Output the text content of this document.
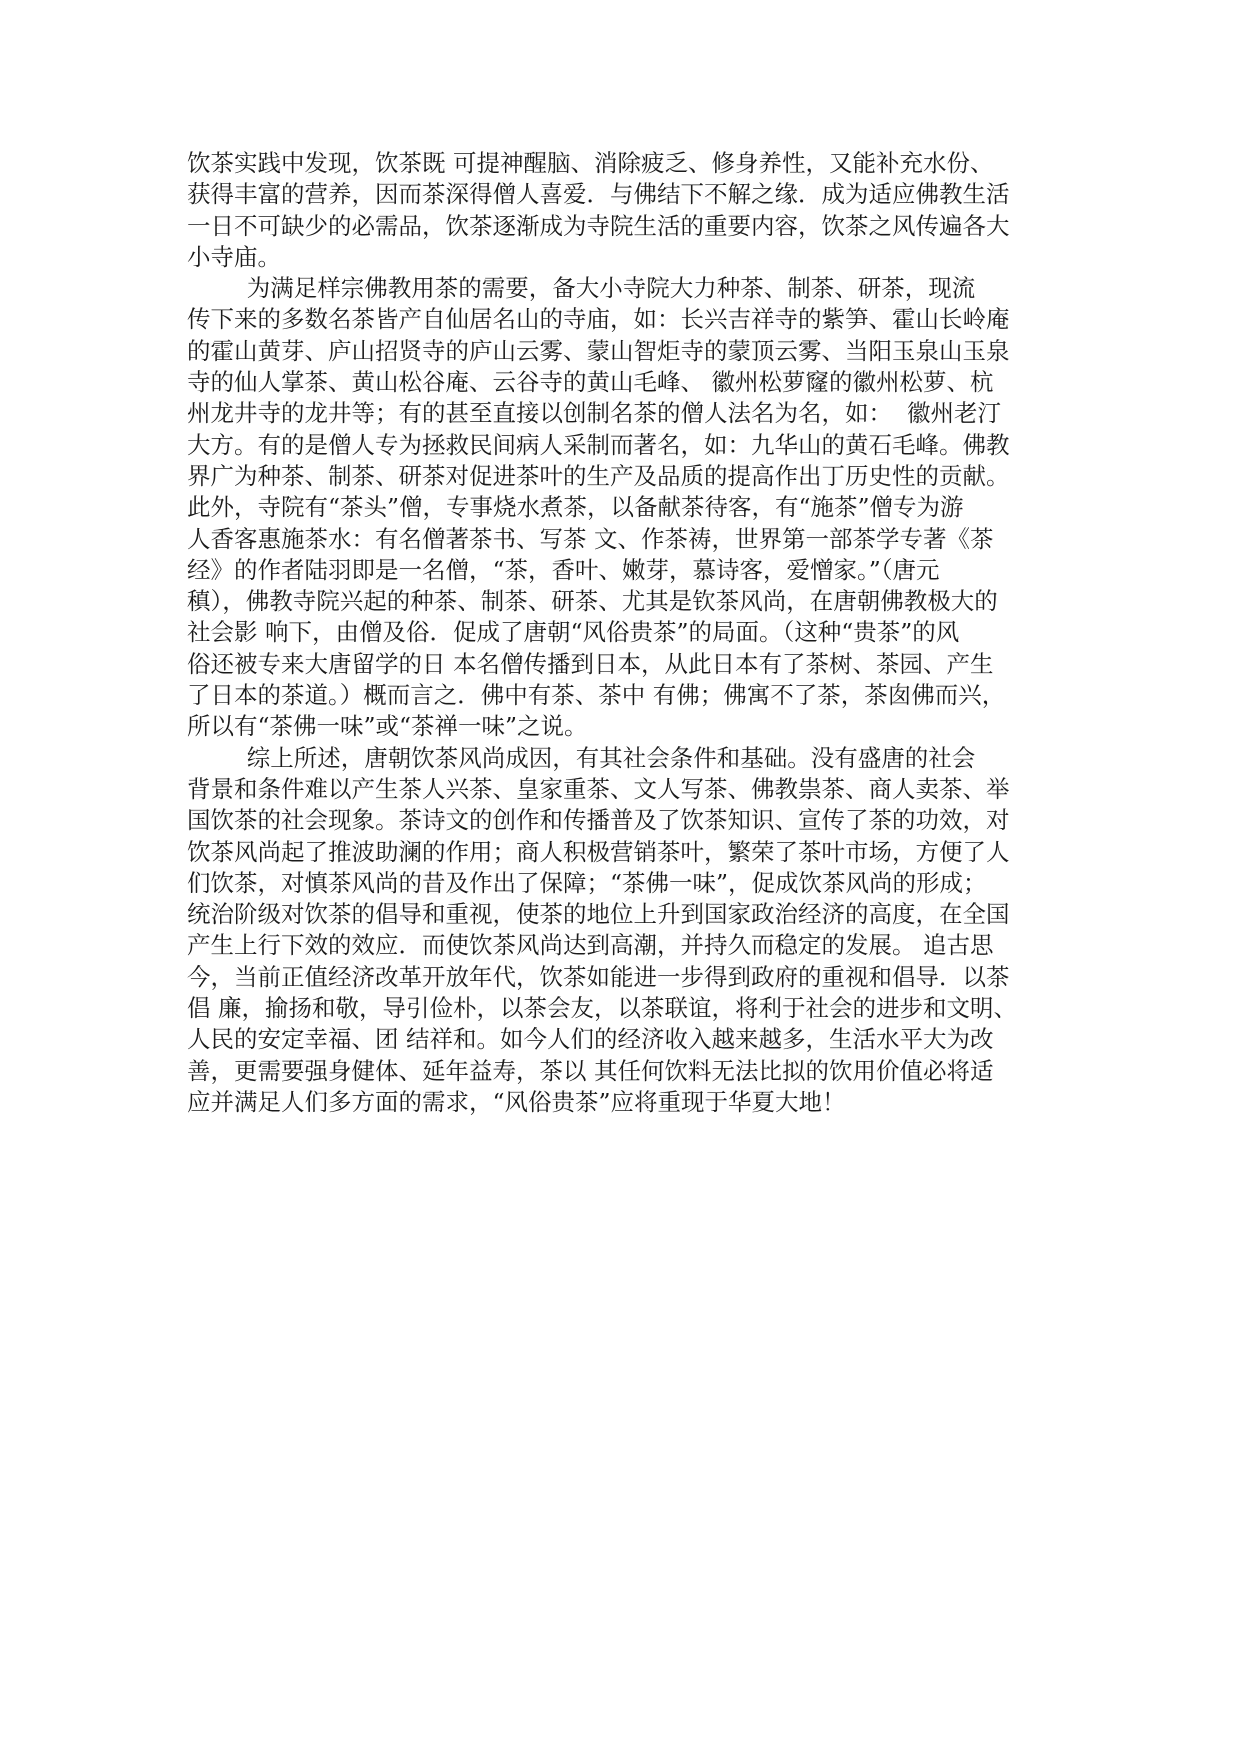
饮茶实践中发现，饮茶既 可提神醒脑、消除疲乏、修身养性，又能补充水份、
获得丰富的营养，因而茶深得僧人喜爱．与佛结下不解之缘．成为适应佛教生活
一日不可缺少的必需品，饮茶逐渐成为寺院生活的重要内容，饮茶之风传遍各大
小寺庙。
为满足样宗佛教用茶的需要，备大小寺院大力种茶、制茶、研茶，现流
传下来的多数名茶皆产自仙居名山的寺庙，如：长兴吉祥寺的紫笋、霍山长岭庵
的霍山黄芽、庐山招贤寺的庐山云雾、蒙山智炬寺的蒙顶云雾、当阳玉泉山玉泉
寺的仙人掌茶、黄山松谷庵、云谷寺的黄山毛峰、 徽州松萝窿的徽州松萝、杭
州龙井寺的龙井等；有的甚至直接以创制名茶的僧人法名为名，如：  徽州老汀
大方。有的是僧人专为拯救民间病人采制而著名，如：九华山的黄石毛峰。佛教
界广为种茶、制茶、研茶对促进茶叶的生产及品质的提高作出丁历史性的贡献。
此外，寺院有“茶头”僧，专事烧水煮茶，以备献茶待客，有“施茶”僧专为游
人香客惠施茶水：有名僧著茶书、写茶 文、作茶祷，世界第一部茶学专著《茶
经》的作者陆羽即是一名僧，“茶，香叶、嫩芽，慕诗客，爱憎家。”（唐元
稹），佛教寺院兴起的种茶、制茶、研茶、尤其是钦茶风尚，在唐朝佛教极大的
社会影 响下，由僧及俗．促成了唐朝“风俗贵茶”的局面。（这种“贵茶”的风
俗还被专来大唐留学的日 本名僧传播到日本，从此日本有了茶树、茶园、产生
了日本的茶道。）概而言之．佛中有茶、茶中 有佛；佛寓不了茶，茶囱佛而兴，
所以有“茶佛一味”或“茶禅一味”之说。
综上所述，唐朝饮茶风尚成因，有其社会条件和基础。没有盛唐的社会
背景和条件难以产生茶人兴茶、皇家重茶、文人写茶、佛教祟茶、商人卖茶、举
国饮茶的社会现象。茶诗文的创作和传播普及了饮茶知识、宣传了茶的功效，对
饮茶风尚起了推波助澜的作用；商人积极营销茶叶，繁荣了茶叶市场，方便了人
们饮茶，对慎茶风尚的昔及作出了保障；“茶佛一味”，促成饮茶风尚的形成；
统治阶级对饮茶的倡导和重视，使茶的地位上升到国家政治经济的高度，在全国
产生上行下效的效应．而使饮茶风尚达到高潮，并持久而稳定的发展。 追古思
今，当前正值经济改革开放年代，饮茶如能进一步得到政府的重视和倡导．以茶
倡 廉，揄扬和敬，导引俭朴，以茶会友，以茶联谊，将利于社会的进步和文明、
人民的安定幸福、团 结祥和。如今人们的经济收入越来越多，生活水平大为改
善，更需要强身健体、延年益寿，茶以 其任何饮料无法比拟的饮用价值必将适
应并满足人们多方面的需求，“风俗贵茶”应将重现于华夏大地！
